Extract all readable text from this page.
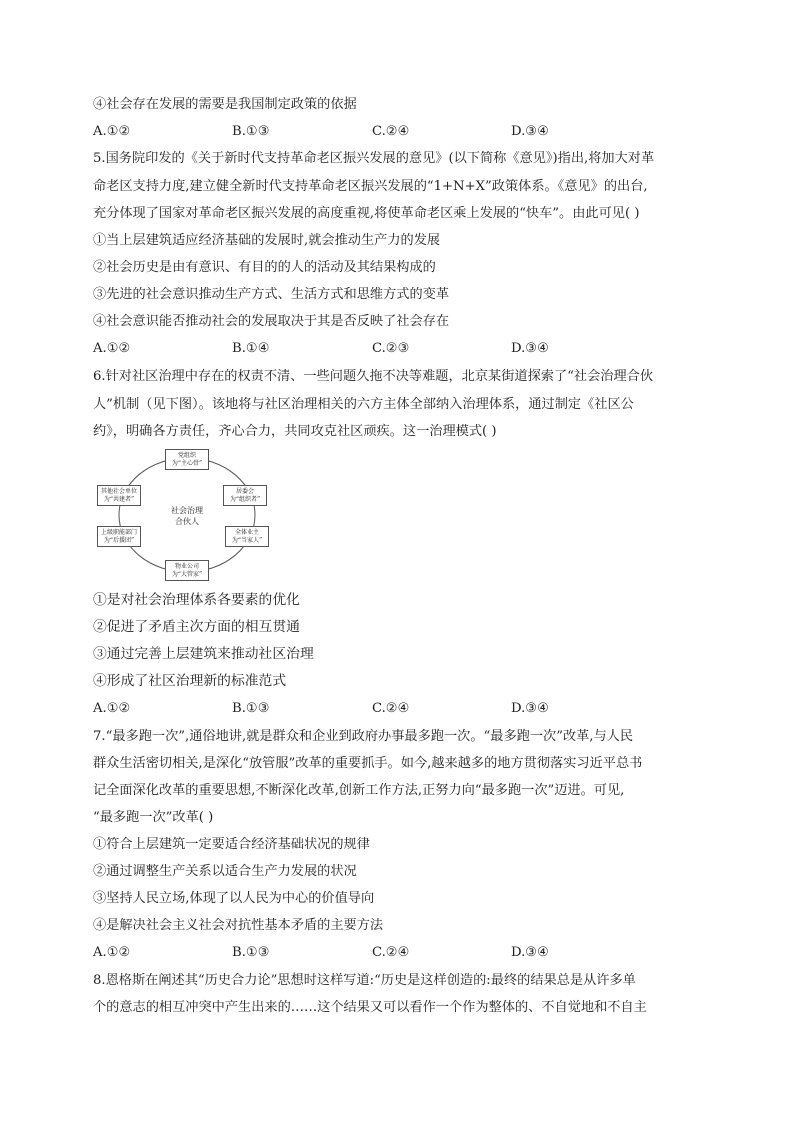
④社会存在发展的需要是我国制定政策的依据
A.①②	B.①③	C.②④	D.③④
5.国务院印发的《关于新时代支持革命老区振兴发展的意见》(以下简称《意见》)指出,将加大对革
命老区支持力度,建立健全新时代支持革命老区振兴发展的“1+N+X”政策体系。《意见》的出台,
充分体现了国家对革命老区振兴发展的高度重视,将使革命老区乘上发展的“快车”。由此可见( )
①当上层建筑适应经济基础的发展时,就会推动生产力的发展
②社会历史是由有意识、有目的的人的活动及其结果构成的
③先进的社会意识推动生产方式、生活方式和思维方式的变革
④社会意识能否推动社会的发展取决于其是否反映了社会存在
A.①②	B.①④	C.②③	D.③④
6.针对社区治理中存在的权责不清、一些问题久拖不决等难题，北京某街道探索了“社会治理合伙
人”机制（见下图）。该地将与社区治理相关的六方主体全部纳入治理体系，通过制定《社区公
约》，明确各方责任，齐心合力，共同攻克社区顽疾。这一治理模式( )
社会治理
合伙人
党组织
为“主心骨”
居委会
为“组织者”
全体业主
为“当家人”
物业公司
为“大管家”
上级职能部门
为“后援团”
其他社会单位
为“共建者”
①是对社会治理体系各要素的优化
②促进了矛盾主次方面的相互贯通
③通过完善上层建筑来推动社区治理
④形成了社区治理新的标准范式
A.①②	B.①③	C.②④	D.③④
7.“最多跑一次”,通俗地讲,就是群众和企业到政府办事最多跑一次。“最多跑一次”改革,与人民
群众生活密切相关,是深化“放管服”改革的重要抓手。如今,越来越多的地方贯彻落实习近平总书
记全面深化改革的重要思想,不断深化改革,创新工作方法,正努力向“最多跑一次”迈进。可见,
“最多跑一次”改革( )
①符合上层建筑一定要适合经济基础状况的规律
②通过调整生产关系以适合生产力发展的状况
③坚持人民立场,体现了以人民为中心的价值导向
④是解决社会主义社会对抗性基本矛盾的主要方法
A.①②	B.①③	C.②④	D.③④
8.恩格斯在阐述其“历史合力论”思想时这样写道:“历史是这样创造的:最终的结果总是从许多单
个的意志的相互冲突中产生出来的……这个结果又可以看作一个作为整体的、不自觉地和不自主
